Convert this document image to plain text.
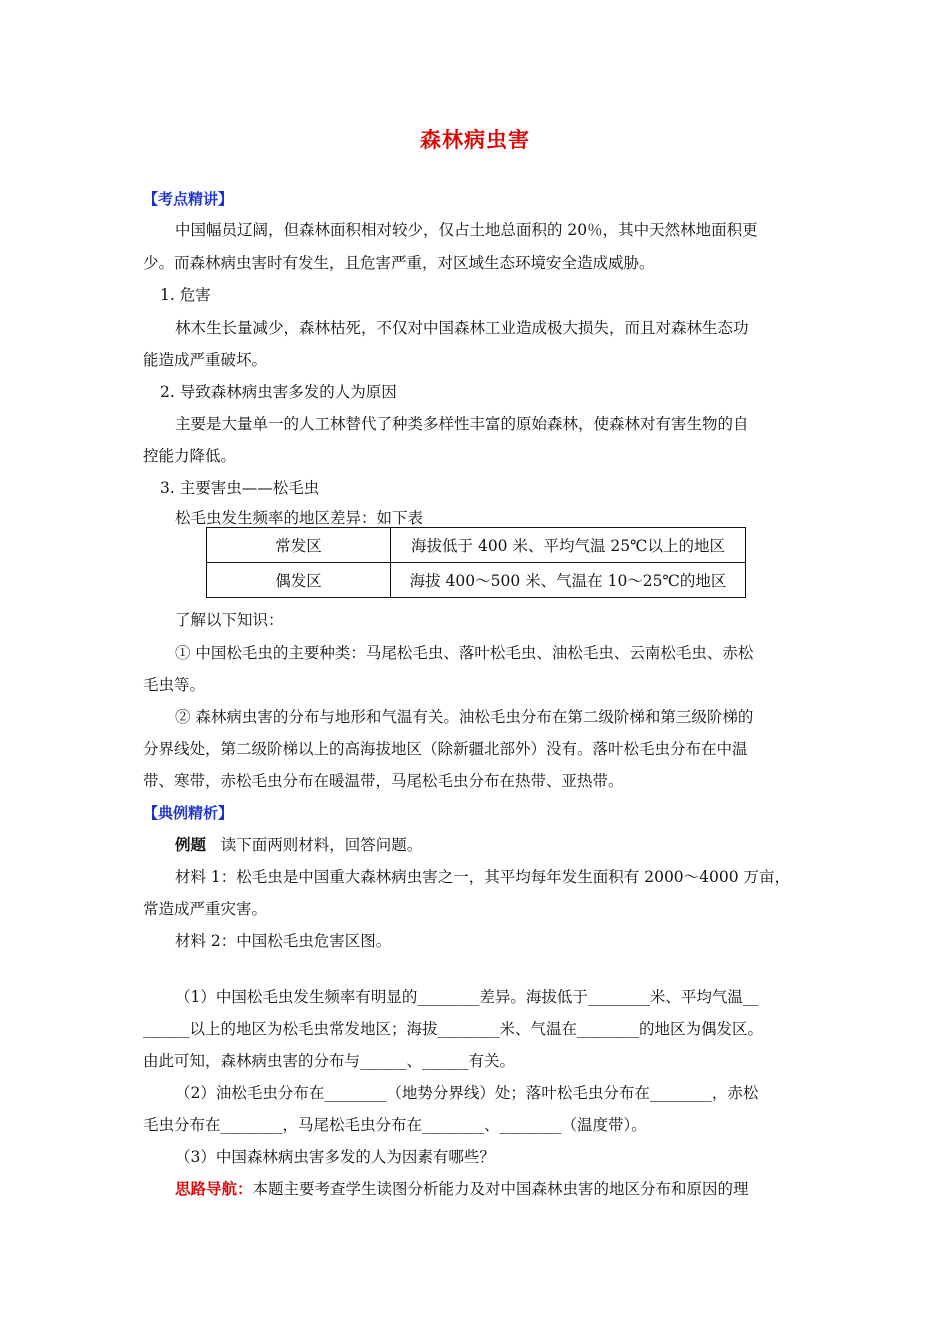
森林病虫害
【考点精讲】
中国幅员辽阔，但森林面积相对较少，仅占土地总面积的 20％，其中天然林地面积更
少。而森林病虫害时有发生，且危害严重，对区域生态环境安全造成威胁。
1. 危害
林木生长量减少，森林枯死，不仅对中国森林工业造成极大损失，而且对森林生态功
能造成严重破坏。
2. 导致森林病虫害多发的人为原因
主要是大量单一的人工林替代了种类多样性丰富的原始森林，使森林对有害生物的自
控能力降低。
3. 主要害虫——松毛虫
松毛虫发生频率的地区差异：如下表
常发区	海拔低于 400 米、平均气温 25℃以上的地区
偶发区	海拔 400～500 米、气温在 10～25℃的地区
了解以下知识：
① 中国松毛虫的主要种类：马尾松毛虫、落叶松毛虫、油松毛虫、云南松毛虫、赤松
毛虫等。
② 森林病虫害的分布与地形和气温有关。油松毛虫分布在第二级阶梯和第三级阶梯的
分界线处，第二级阶梯以上的高海拔地区（除新疆北部外）没有。落叶松毛虫分布在中温
带、寒带，赤松毛虫分布在暖温带，马尾松毛虫分布在热带、亚热带。
【典例精析】
例题 读下面两则材料，回答问题。
材料 1：松毛虫是中国重大森林病虫害之一，其平均每年发生面积有 2000～4000 万亩，
常造成严重灾害。
材料 2：中国松毛虫危害区图。
（1）中国松毛虫发生频率有明显的________差异。海拔低于________米、平均气温__
______以上的地区为松毛虫常发地区；海拔________米、气温在________的地区为偶发区。
由此可知，森林病虫害的分布与______、______有关。
（2）油松毛虫分布在________（地势分界线）处；落叶松毛虫分布在________，赤松
毛虫分布在________，马尾松毛虫分布在________、________（温度带）。
（3）中国森林病虫害多发的人为因素有哪些？
思路导航：本题主要考查学生读图分析能力及对中国森林虫害的地区分布和原因的理
